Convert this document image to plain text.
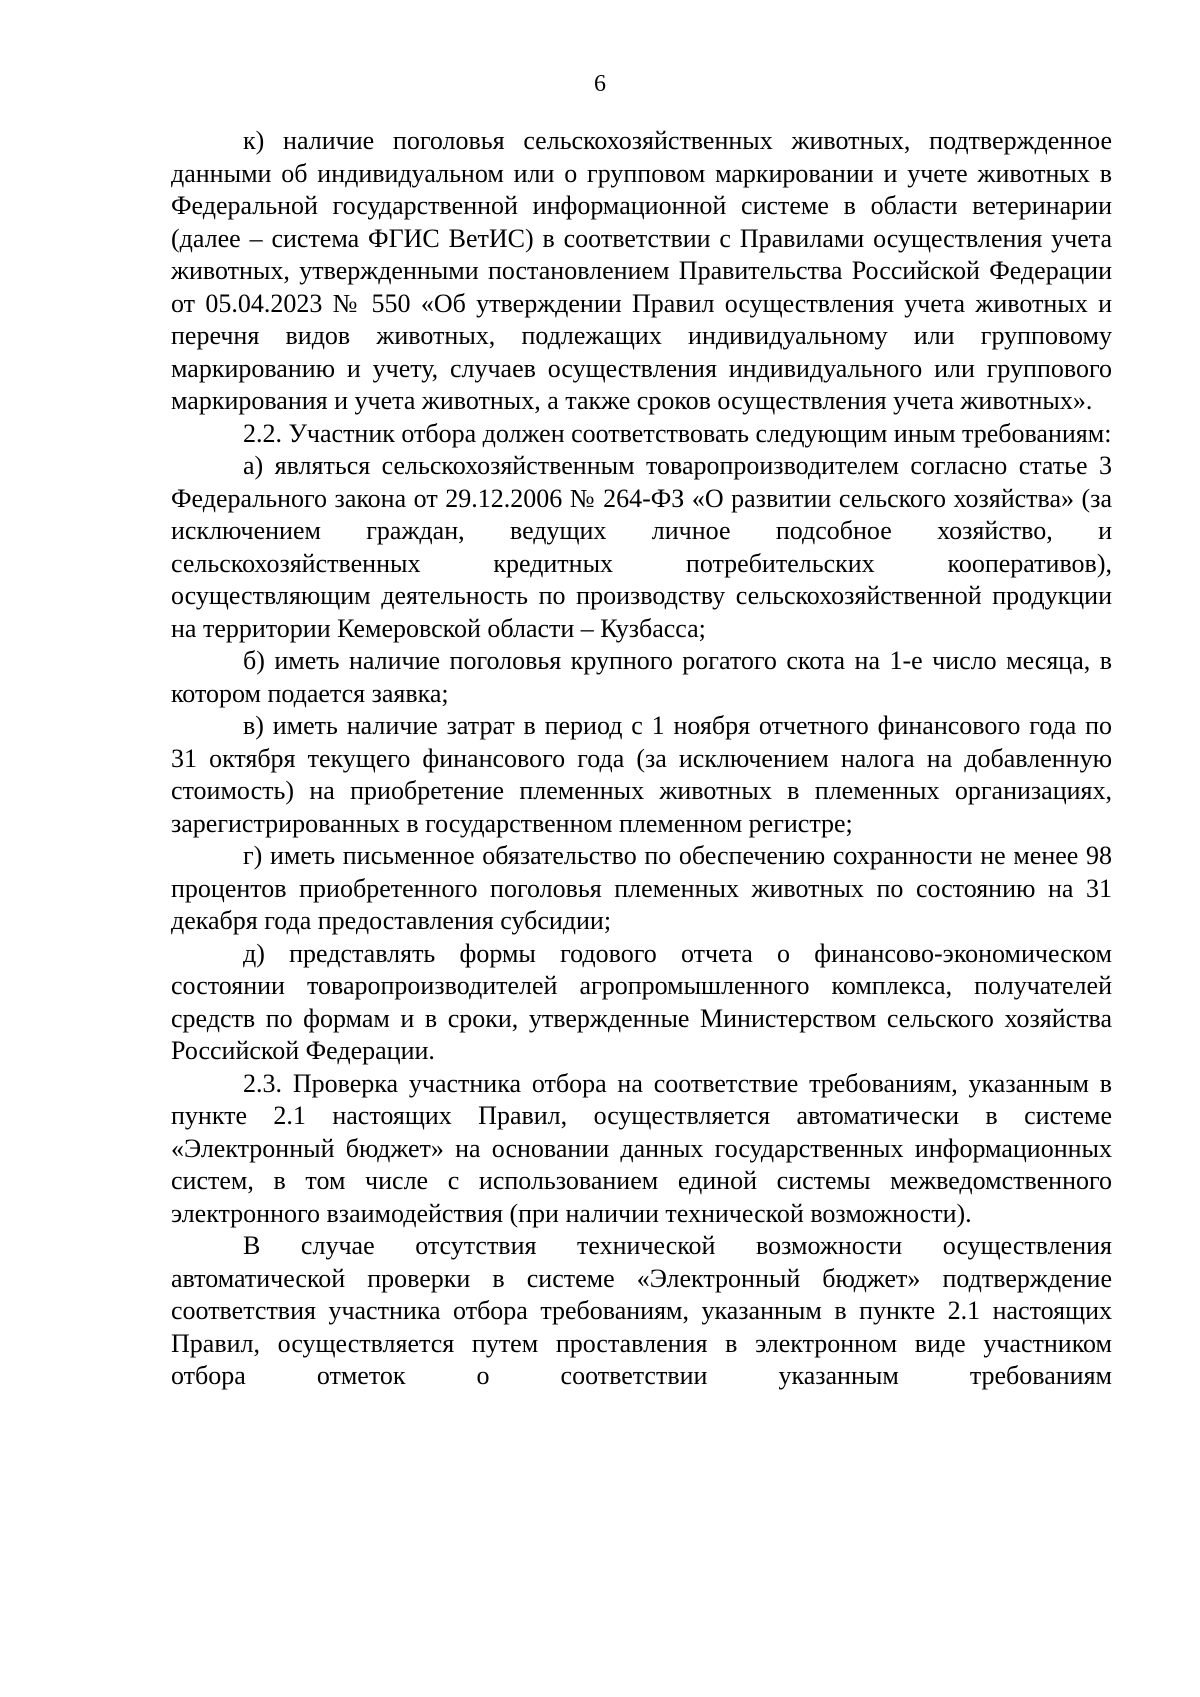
6

к) наличие поголовья сельскохозяйственных животных, подтвержденное данными об индивидуальном или о групповом маркировании и учете животных в Федеральной государственной информационной системе в области ветеринарии (далее – система ФГИС ВетИС) в соответствии с Правилами осуществления учета животных, утвержденными постановлением Правительства Российской Федерации от 05.04.2023 № 550 «Об утверждении Правил осуществления учета животных и перечня видов животных, подлежащих индивидуальному или групповому маркированию и учету, случаев осуществления индивидуального или группового маркирования и учета животных, а также сроков осуществления учета животных».

2.2. Участник отбора должен соответствовать следующим иным требованиям:

а) являться сельскохозяйственным товаропроизводителем согласно статье 3 Федерального закона от 29.12.2006 № 264-ФЗ «О развитии сельского хозяйства» (за исключением граждан, ведущих личное подсобное хозяйство, и сельскохозяйственных кредитных потребительских кооперативов), осуществляющим деятельность по производству сельскохозяйственной продукции на территории Кемеровской области – Кузбасса;

б) иметь наличие поголовья крупного рогатого скота на 1-е число месяца, в котором подается заявка;

в) иметь наличие затрат в период с 1 ноября отчетного финансового года по 31 октября текущего финансового года (за исключением налога на добавленную стоимость) на приобретение племенных животных в племенных организациях, зарегистрированных в государственном племенном регистре;

г) иметь письменное обязательство по обеспечению сохранности не менее 98 процентов приобретенного поголовья племенных животных по состоянию на 31 декабря года предоставления субсидии;

д) представлять формы годового отчета о финансово-экономическом состоянии товаропроизводителей агропромышленного комплекса, получателей средств по формам и в сроки, утвержденные Министерством сельского хозяйства Российской Федерации.

2.3. Проверка участника отбора на соответствие требованиям, указанным в пункте 2.1 настоящих Правил, осуществляется автоматически в системе «Электронный бюджет» на основании данных государственных информационных систем, в том числе с использованием единой системы межведомственного электронного взаимодействия (при наличии технической возможности).

В случае отсутствия технической возможности осуществления автоматической проверки в системе «Электронный бюджет» подтверждение соответствия участника отбора требованиям, указанным в пункте 2.1 настоящих Правил, осуществляется путем проставления в электронном виде участником отбора отметок о соответствии указанным требованиям
